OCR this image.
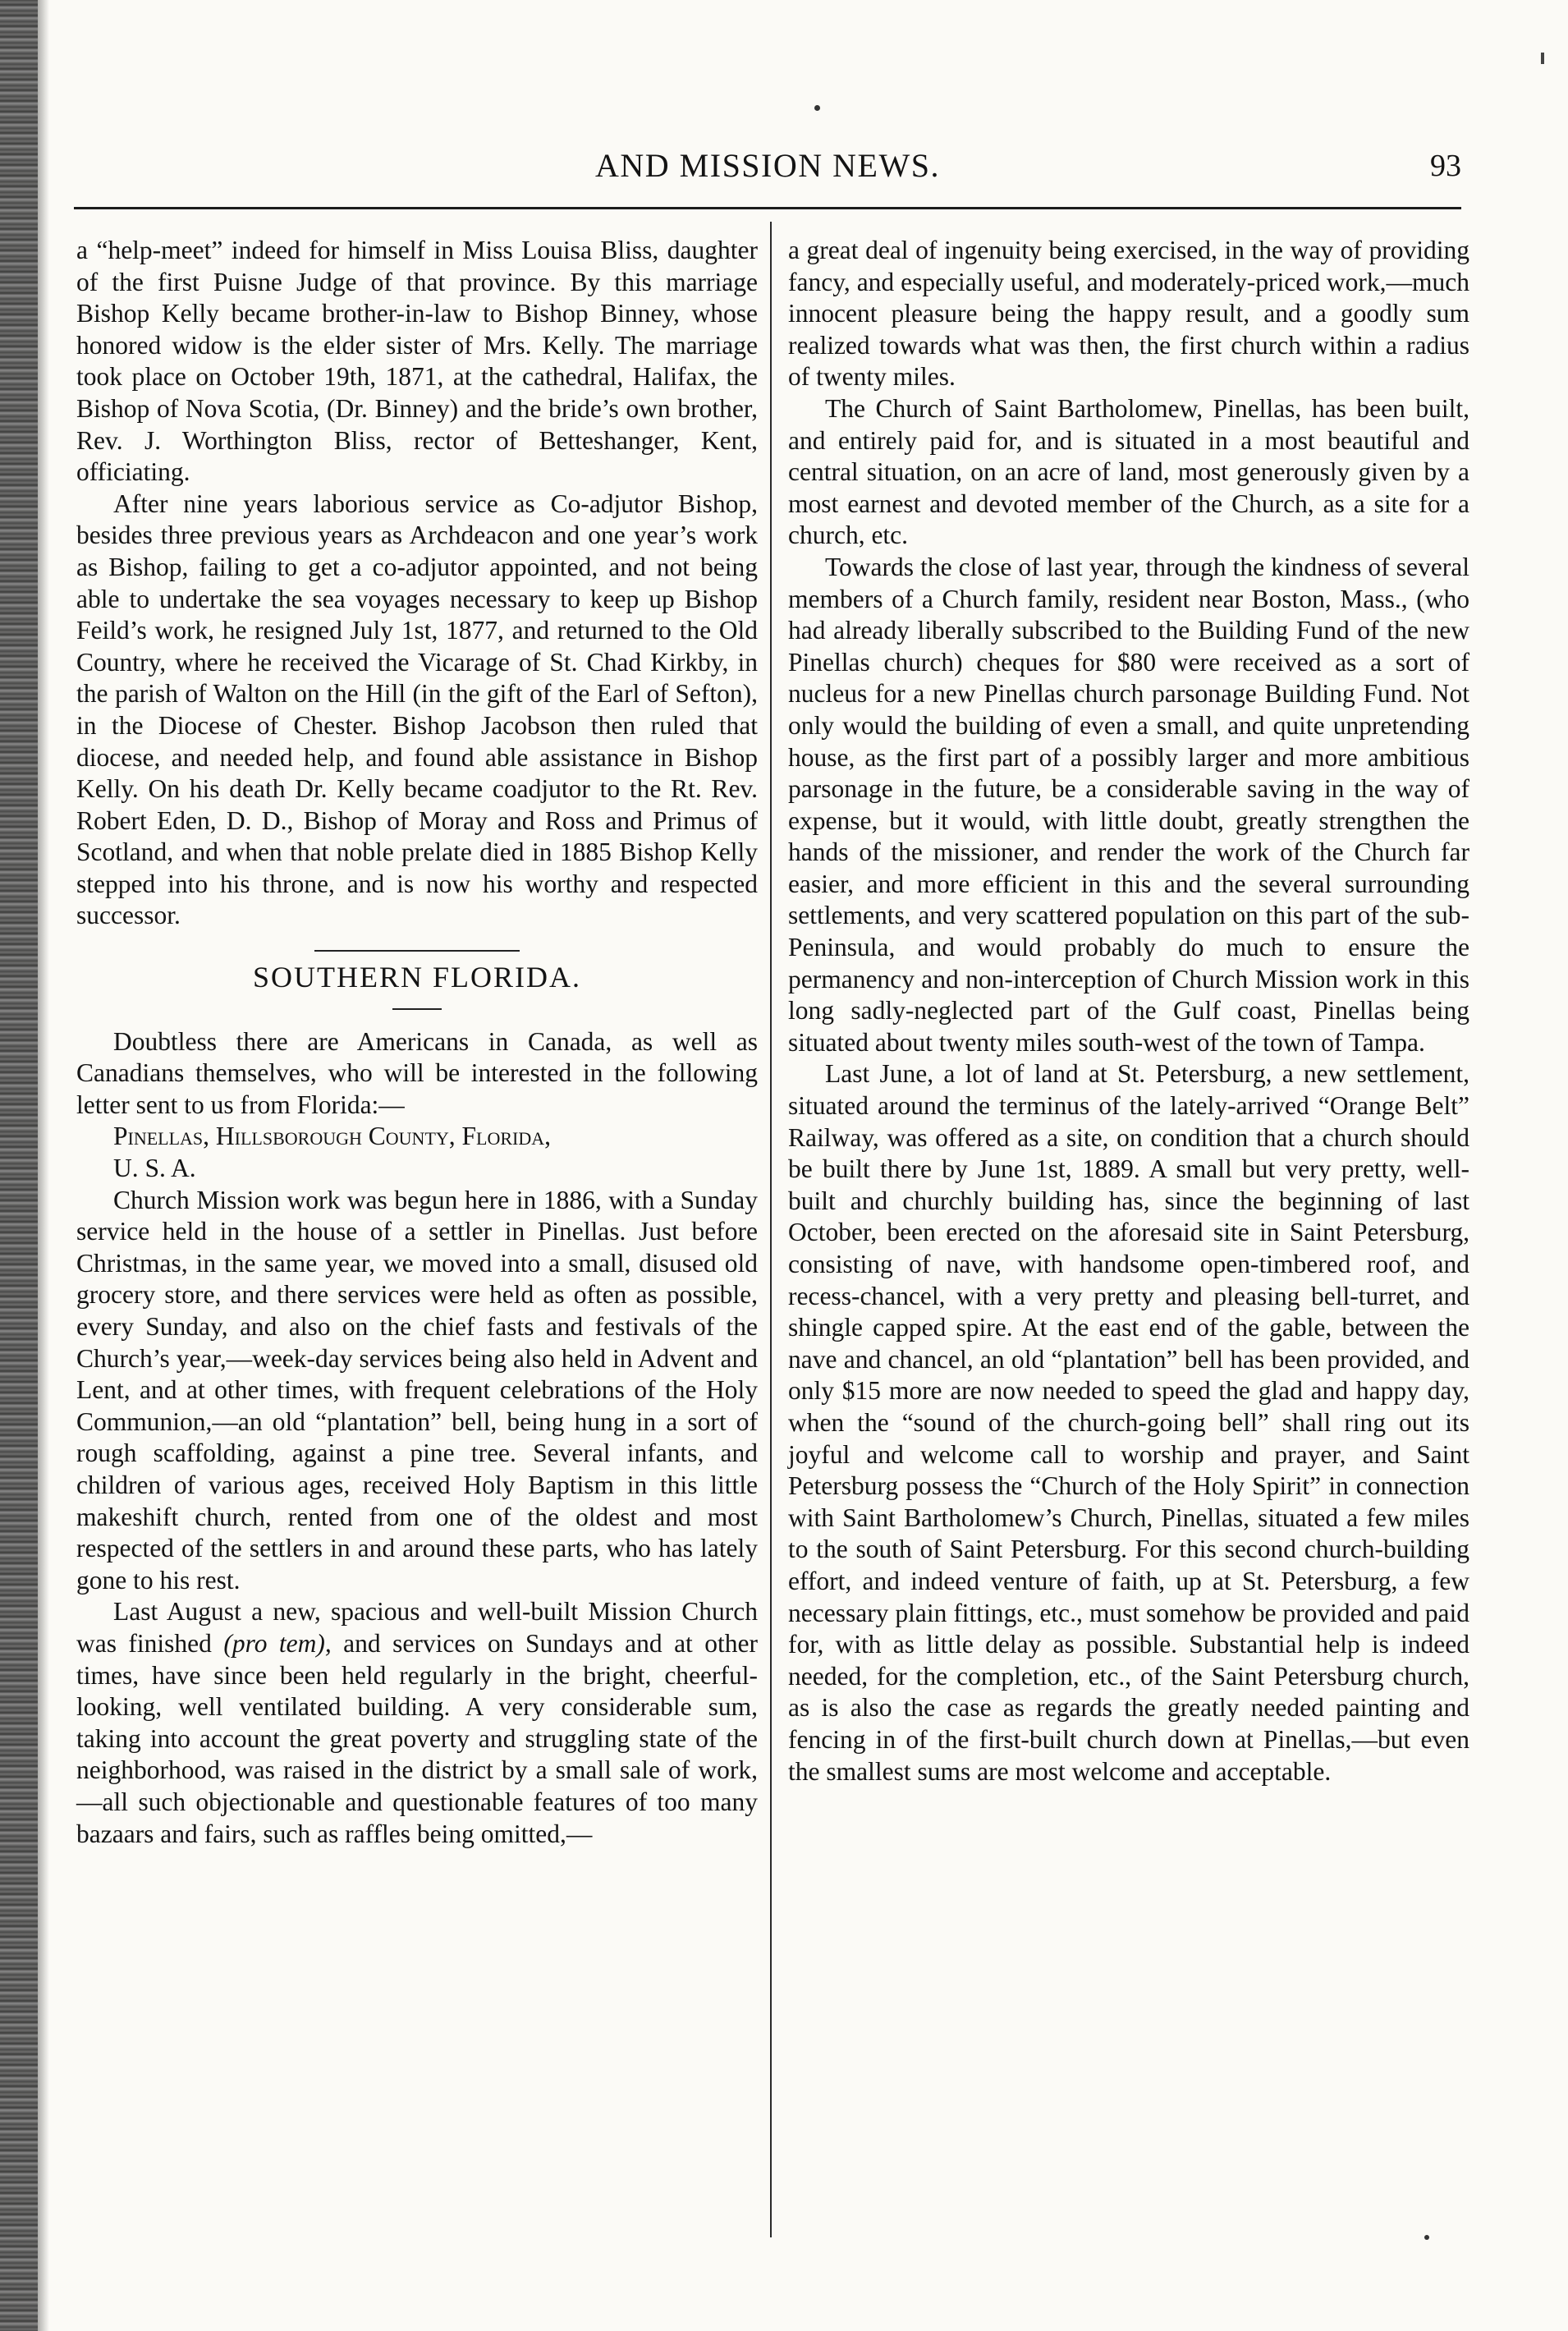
AND MISSION NEWS.	93

a “help-meet” indeed for himself in Miss Louisa Bliss, daughter of the first Puisne Judge of that province. By this marriage Bishop Kelly became brother-in-law to Bishop Binney, whose honored widow is the elder sister of Mrs. Kelly. The marriage took place on October 19th, 1871, at the cathedral, Halifax, the Bishop of Nova Scotia, (Dr. Binney) and the bride’s own brother, Rev. J. Worthington Bliss, rector of Betteshanger, Kent, officiating.

After nine years laborious service as Co-adjutor Bishop, besides three previous years as Archdeacon and one year’s work as Bishop, failing to get a co-adjutor appointed, and not being able to undertake the sea voyages necessary to keep up Bishop Feild’s work, he resigned July 1st, 1877, and returned to the Old Country, where he received the Vicarage of St. Chad Kirkby, in the parish of Walton on the Hill (in the gift of the Earl of Sefton), in the Diocese of Chester. Bishop Jacobson then ruled that diocese, and needed help, and found able assistance in Bishop Kelly. On his death Dr. Kelly became coadjutor to the Rt. Rev. Robert Eden, D. D., Bishop of Moray and Ross and Primus of Scotland, and when that noble prelate died in 1885 Bishop Kelly stepped into his throne, and is now his worthy and respected successor.

SOUTHERN FLORIDA.

Doubtless there are Americans in Canada, as well as Canadians themselves, who will be interested in the following letter sent to us from Florida:—

Pinellas, Hillsborough County, Florida,

U. S. A.

Church Mission work was begun here in 1886, with a Sunday service held in the house of a settler in Pinellas. Just before Christmas, in the same year, we moved into a small, disused old grocery store, and there services were held as often as possible, every Sunday, and also on the chief fasts and festivals of the Church’s year,—week-day services being also held in Advent and Lent, and at other times, with frequent celebrations of the Holy Communion,—an old “plantation” bell, being hung in a sort of rough scaffolding, against a pine tree. Several infants, and children of various ages, received Holy Baptism in this little makeshift church, rented from one of the oldest and most respected of the settlers in and around these parts, who has lately gone to his rest.

Last August a new, spacious and well-built Mission Church was finished (pro tem), and services on Sundays and at other times, have since been held regularly in the bright, cheerful-looking, well ventilated building. A very considerable sum, taking into account the great poverty and struggling state of the neighborhood, was raised in the district by a small sale of work,—all such objectionable and questionable features of too many bazaars and fairs, such as raffles being omitted,—

a great deal of ingenuity being exercised, in the way of providing fancy, and especially useful, and moderately-priced work,—much innocent pleasure being the happy result, and a goodly sum realized towards what was then, the first church within a radius of twenty miles.

The Church of Saint Bartholomew, Pinellas, has been built, and entirely paid for, and is situated in a most beautiful and central situation, on an acre of land, most generously given by a most earnest and devoted member of the Church, as a site for a church, etc.

Towards the close of last year, through the kindness of several members of a Church family, resident near Boston, Mass., (who had already liberally subscribed to the Building Fund of the new Pinellas church) cheques for $80 were received as a sort of nucleus for a new Pinellas church parsonage Building Fund. Not only would the building of even a small, and quite unpretending house, as the first part of a possibly larger and more ambitious parsonage in the future, be a considerable saving in the way of expense, but it would, with little doubt, greatly strengthen the hands of the missioner, and render the work of the Church far easier, and more efficient in this and the several surrounding settlements, and very scattered population on this part of the sub-Peninsula, and would probably do much to ensure the permanency and non-interception of Church Mission work in this long sadly-neglected part of the Gulf coast, Pinellas being situated about twenty miles south-west of the town of Tampa.

Last June, a lot of land at St. Petersburg, a new settlement, situated around the terminus of the lately-arrived “Orange Belt” Railway, was offered as a site, on condition that a church should be built there by June 1st, 1889. A small but very pretty, well-built and churchly building has, since the beginning of last October, been erected on the aforesaid site in Saint Petersburg, consisting of nave, with handsome open-timbered roof, and recess-chancel, with a very pretty and pleasing bell-turret, and shingle capped spire. At the east end of the gable, between the nave and chancel, an old “plantation” bell has been provided, and only $15 more are now needed to speed the glad and happy day, when the “sound of the church-going bell” shall ring out its joyful and welcome call to worship and prayer, and Saint Petersburg possess the “Church of the Holy Spirit” in connection with Saint Bartholomew’s Church, Pinellas, situated a few miles to the south of Saint Petersburg. For this second church-building effort, and indeed venture of faith, up at St. Petersburg, a few necessary plain fittings, etc., must somehow be provided and paid for, with as little delay as possible. Substantial help is indeed needed, for the completion, etc., of the Saint Petersburg church, as is also the case as regards the greatly needed painting and fencing in of the first-built church down at Pinellas,—but even the smallest sums are most welcome and acceptable.
